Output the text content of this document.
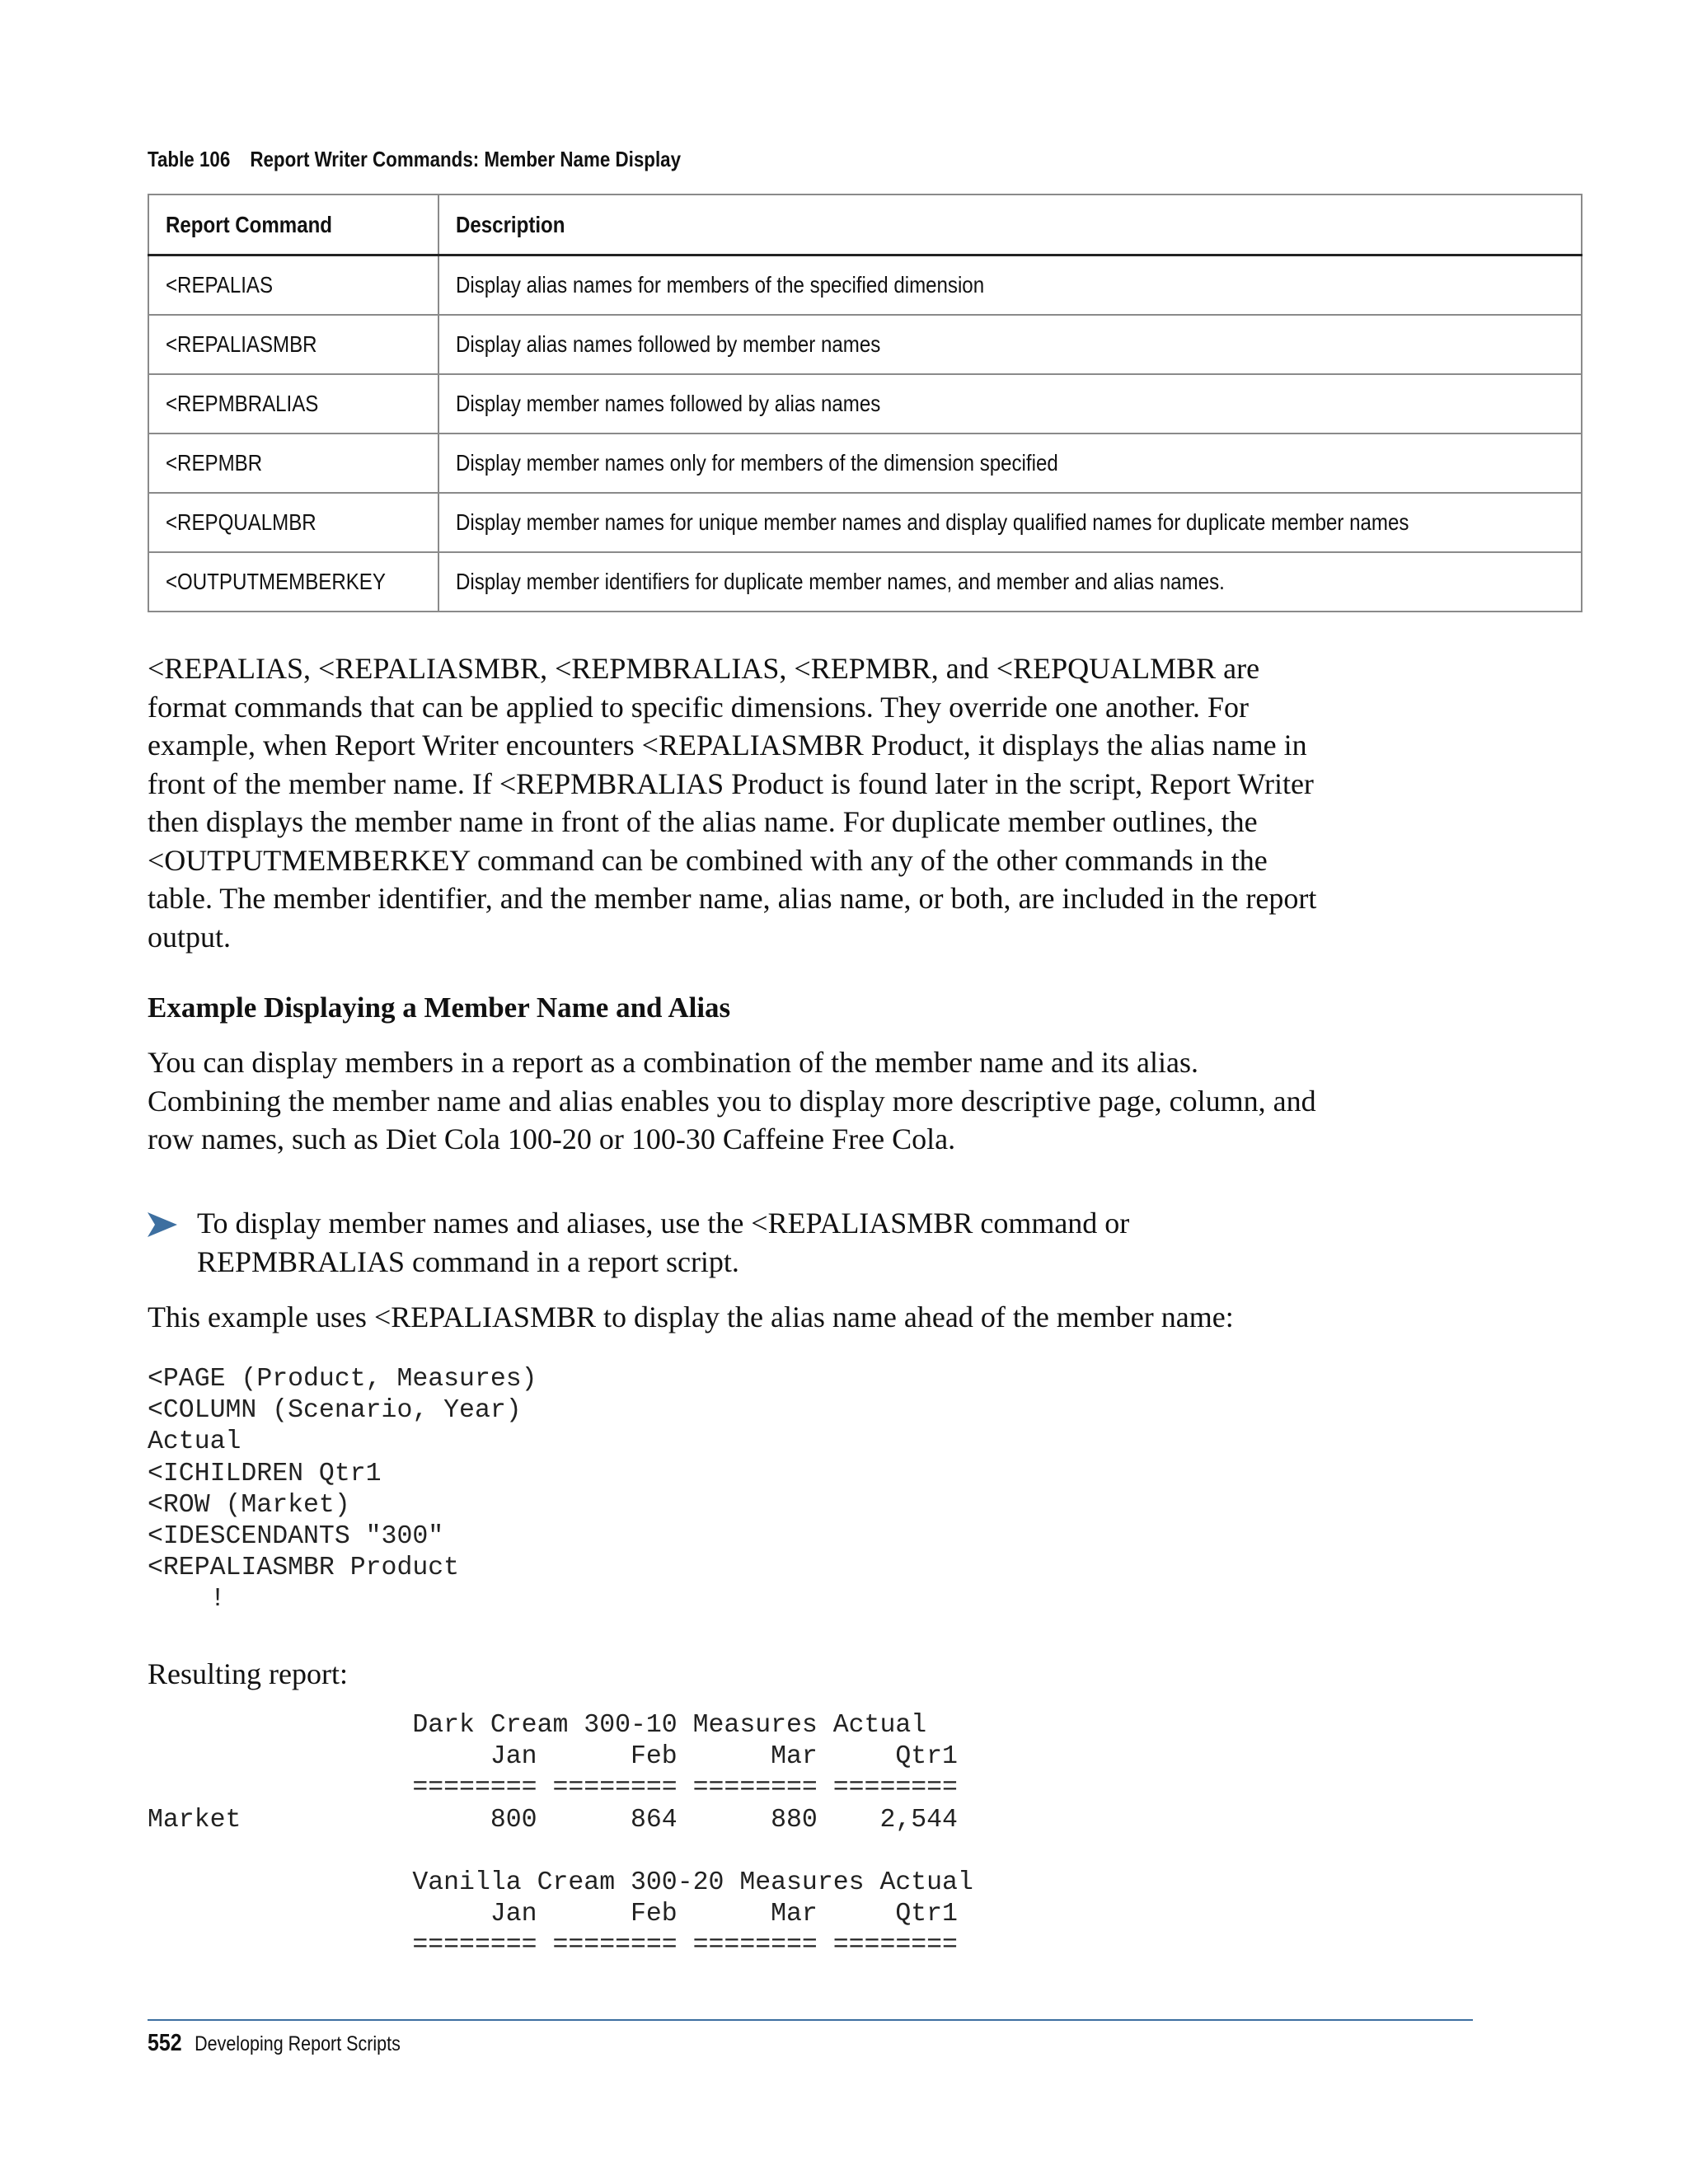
Table 106 Report Writer Commands: Member Name Display
Report Command	Description
<REPALIAS	Display alias names for members of the specified dimension
<REPALIASMBR	Display alias names followed by member names
<REPMBRALIAS	Display member names followed by alias names
<REPMBR	Display member names only for members of the dimension specified
<REPQUALMBR	Display member names for unique member names and display qualified names for duplicate member names
<OUTPUTMEMBERKEY	Display member identifiers for duplicate member names, and member and alias names.

<REPALIAS, <REPALIASMBR, <REPMBRALIAS, <REPMBR, and <REPQUALMBR are format commands that can be applied to specific dimensions. They override one another. For example, when Report Writer encounters <REPALIASMBR Product, it displays the alias name in front of the member name. If <REPMBRALIAS Product is found later in the script, Report Writer then displays the member name in front of the alias name. For duplicate member outlines, the <OUTPUTMEMBERKEY command can be combined with any of the other commands in the table. The member identifier, and the member name, alias name, or both, are included in the report output.

Example Displaying a Member Name and Alias

You can display members in a report as a combination of the member name and its alias. Combining the member name and alias enables you to display more descriptive page, column, and row names, such as Diet Cola 100-20 or 100-30 Caffeine Free Cola.

To display member names and aliases, use the <REPALIASMBR command or REPMBRALIAS command in a report script.

This example uses <REPALIASMBR to display the alias name ahead of the member name:

<PAGE (Product, Measures)
<COLUMN (Scenario, Year)
Actual
<ICHILDREN Qtr1
<ROW (Market)
<IDESCENDANTS "300"
<REPALIASMBR Product
!

Resulting report:

Dark Cream 300-10 Measures Actual
Jan      Feb      Mar     Qtr1
======== ======== ======== ========
Market                800      864      880    2,544

Vanilla Cream 300-20 Measures Actual
Jan      Feb      Mar     Qtr1
======== ======== ======== ========
552 Developing Report Scripts
